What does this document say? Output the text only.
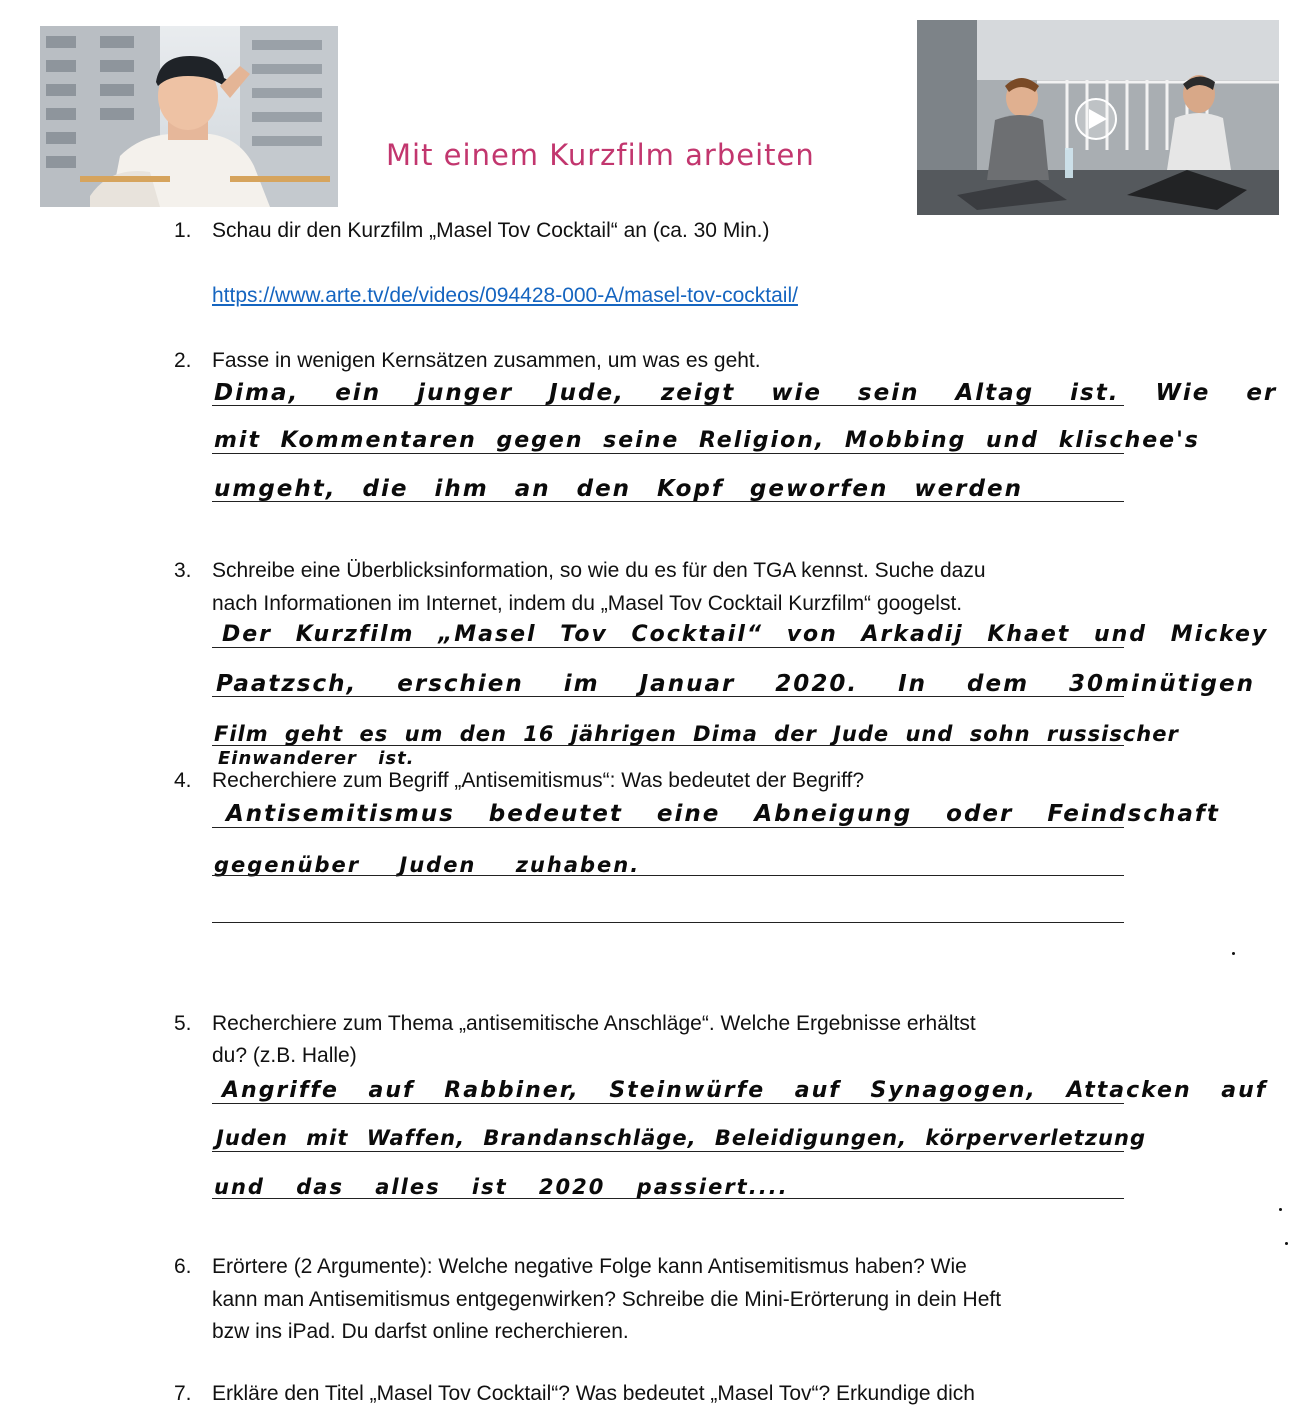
Mit einem Kurzfilm arbeiten
1. Schau dir den Kurzfilm „Masel Tov Cocktail“ an (ca. 30 Min.)
https://www.arte.tv/de/videos/094428-000-A/masel-tov-cocktail/
2. Fasse in wenigen Kernsätzen zusammen, um was es geht.
Dima, ein junger Jude, zeigt wie sein Altag ist. Wie er
mit Kommentaren gegen seine Religion, Mobbing und klischee's
umgeht, die ihm an den Kopf geworfen werden
3. Schreibe eine Überblicksinformation, so wie du es für den TGA kennst. Suche dazu
nach Informationen im Internet, indem du „Masel Tov Cocktail Kurzfilm“ googelst.
Der Kurzfilm „Masel Tov Cocktail“ von Arkadij Khaet und Mickey
Paatzsch, erschien im Januar 2020. In dem 30minütigen
Film geht es um den 16 jährigen Dima der Jude und sohn russischer
Einwanderer ist.
4. Recherchiere zum Begriff „Antisemitismus“: Was bedeutet der Begriff?
Antisemitismus bedeutet eine Abneigung oder Feindschaft
gegenüber Juden zuhaben.
5. Recherchiere zum Thema „antisemitische Anschläge“. Welche Ergebnisse erhältst
du? (z.B. Halle)
Angriffe auf Rabbiner, Steinwürfe auf Synagogen, Attacken auf
Juden mit Waffen, Brandanschläge, Beleidigungen, körperverletzung
und das alles ist 2020 passiert....
6. Erörtere (2 Argumente): Welche negative Folge kann Antisemitismus haben? Wie
kann man Antisemitismus entgegenwirken? Schreibe die Mini-Erörterung in dein Heft
bzw ins iPad. Du darfst online recherchieren.
7. Erkläre den Titel „Masel Tov Cocktail“? Was bedeutet „Masel Tov“? Erkundige dich
